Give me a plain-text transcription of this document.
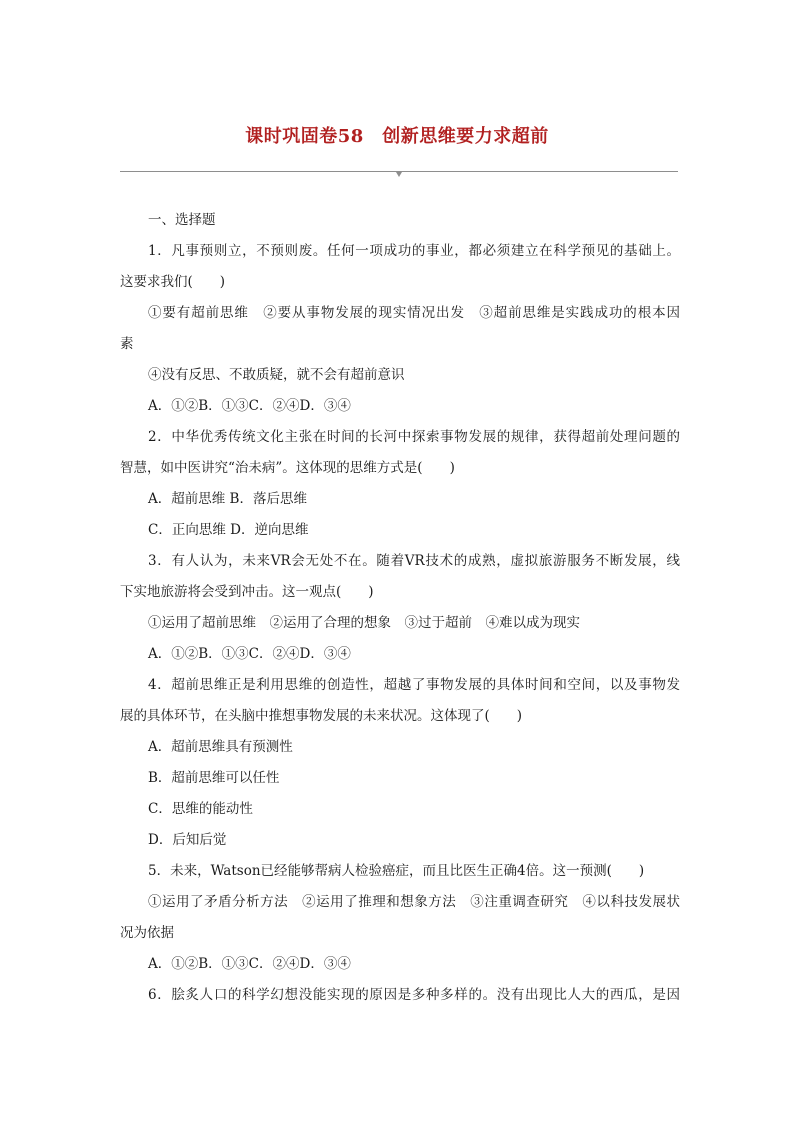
课时巩固卷58　创新思维要力求超前
一、选择题
1．凡事预则立，不预则废。任何一项成功的事业，都必须建立在科学预见的基础上。
这要求我们(　　)
①要有超前思维　②要从事物发展的现实情况出发　③超前思维是实践成功的根本因
素
④没有反思、不敢质疑，就不会有超前意识
A．①②B．①③C．②④D．③④
2．中华优秀传统文化主张在时间的长河中探索事物发展的规律，获得超前处理问题的
智慧，如中医讲究“治未病”。这体现的思维方式是(　　)
A．超前思维 B．落后思维
C．正向思维 D．逆向思维
3．有人认为，未来VR会无处不在。随着VR技术的成熟，虚拟旅游服务不断发展，线
下实地旅游将会受到冲击。这一观点(　　)
①运用了超前思维　②运用了合理的想象　③过于超前　④难以成为现实
A．①②B．①③C．②④D．③④
4．超前思维正是利用思维的创造性，超越了事物发展的具体时间和空间，以及事物发
展的具体环节，在头脑中推想事物发展的未来状况。这体现了(　　)
A．超前思维具有预测性
B．超前思维可以任性
C．思维的能动性
D．后知后觉
5．未来，Watson已经能够帮病人检验癌症，而且比医生正确4倍。这一预测(　　)
①运用了矛盾分析方法　②运用了推理和想象方法　③注重调查研究　④以科技发展状
况为依据
A．①②B．①③C．②④D．③④
6．脍炙人口的科学幻想没能实现的原因是多种多样的。没有出现比人大的西瓜，是因
